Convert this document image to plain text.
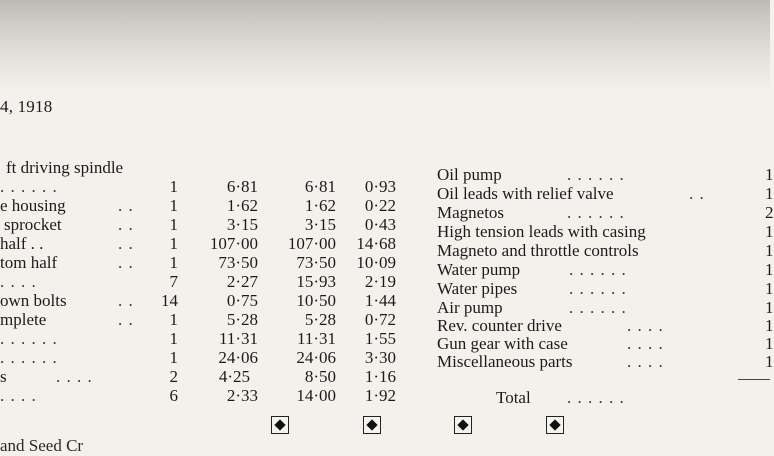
4, 1918
ft driving spindle
. . . . . .	1	6·81	6·81	0·93
e housing	. .	1	1·62	1·62	0·22
sprocket	. .	1	3·15	3·15	0·43
half . .	. .	1	107·00	107·00	14·68
tom half	. .	1	73·50	73·50	10·09
. . . .	7	2·27	15·93	2·19
own bolts	. .	14	0·75	10·50	1·44
mplete	. .	1	5·28	5·28	0·72
. . . . . .	1	11·31	11·31	1·55
. . . . . .	1	24·06	24·06	3·30
s	. . . .	2	4·25	8·50	1·16
. . . .	6	2·33	14·00	1·92
Oil pump	. . . . . .	1
Oil leads with relief valve	. .	1
Magnetos	. . . . . .	2
High tension leads with casing	1
Magneto and throttle controls	1
Water pump	. . . . . .	1
Water pipes	. . . . . .	1
Air pump	. . . . . .	1
Rev. counter drive	. . . .	1
Gun gear with case	. . . .	1
Miscellaneous parts	. . . .	1
Total . . . . . .
and Seed Cr
